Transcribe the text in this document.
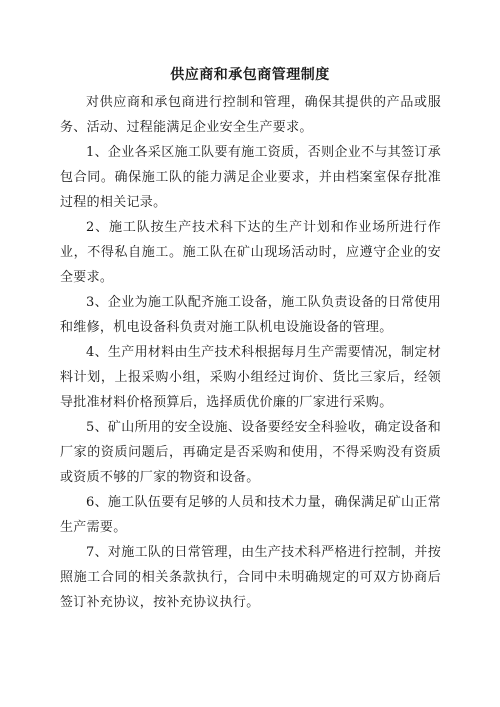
供应商和承包商管理制度

对供应商和承包商进行控制和管理，确保其提供的产品或服务、活动、过程能满足企业安全生产要求。

1、企业各采区施工队要有施工资质，否则企业不与其签订承包合同。确保施工队的能力满足企业要求，并由档案室保存批准过程的相关记录。

2、施工队按生产技术科下达的生产计划和作业场所进行作业，不得私自施工。施工队在矿山现场活动时，应遵守企业的安全要求。

3、企业为施工队配齐施工设备，施工队负责设备的日常使用和维修，机电设备科负责对施工队机电设施设备的管理。

4、生产用材料由生产技术科根据每月生产需要情况，制定材料计划，上报采购小组，采购小组经过询价、货比三家后，经领导批准材料价格预算后，选择质优价廉的厂家进行采购。

5、矿山所用的安全设施、设备要经安全科验收，确定设备和厂家的资质问题后，再确定是否采购和使用，不得采购没有资质或资质不够的厂家的物资和设备。

6、施工队伍要有足够的人员和技术力量，确保满足矿山正常生产需要。

7、对施工队的日常管理，由生产技术科严格进行控制，并按照施工合同的相关条款执行，合同中未明确规定的可双方协商后签订补充协议，按补充协议执行。
